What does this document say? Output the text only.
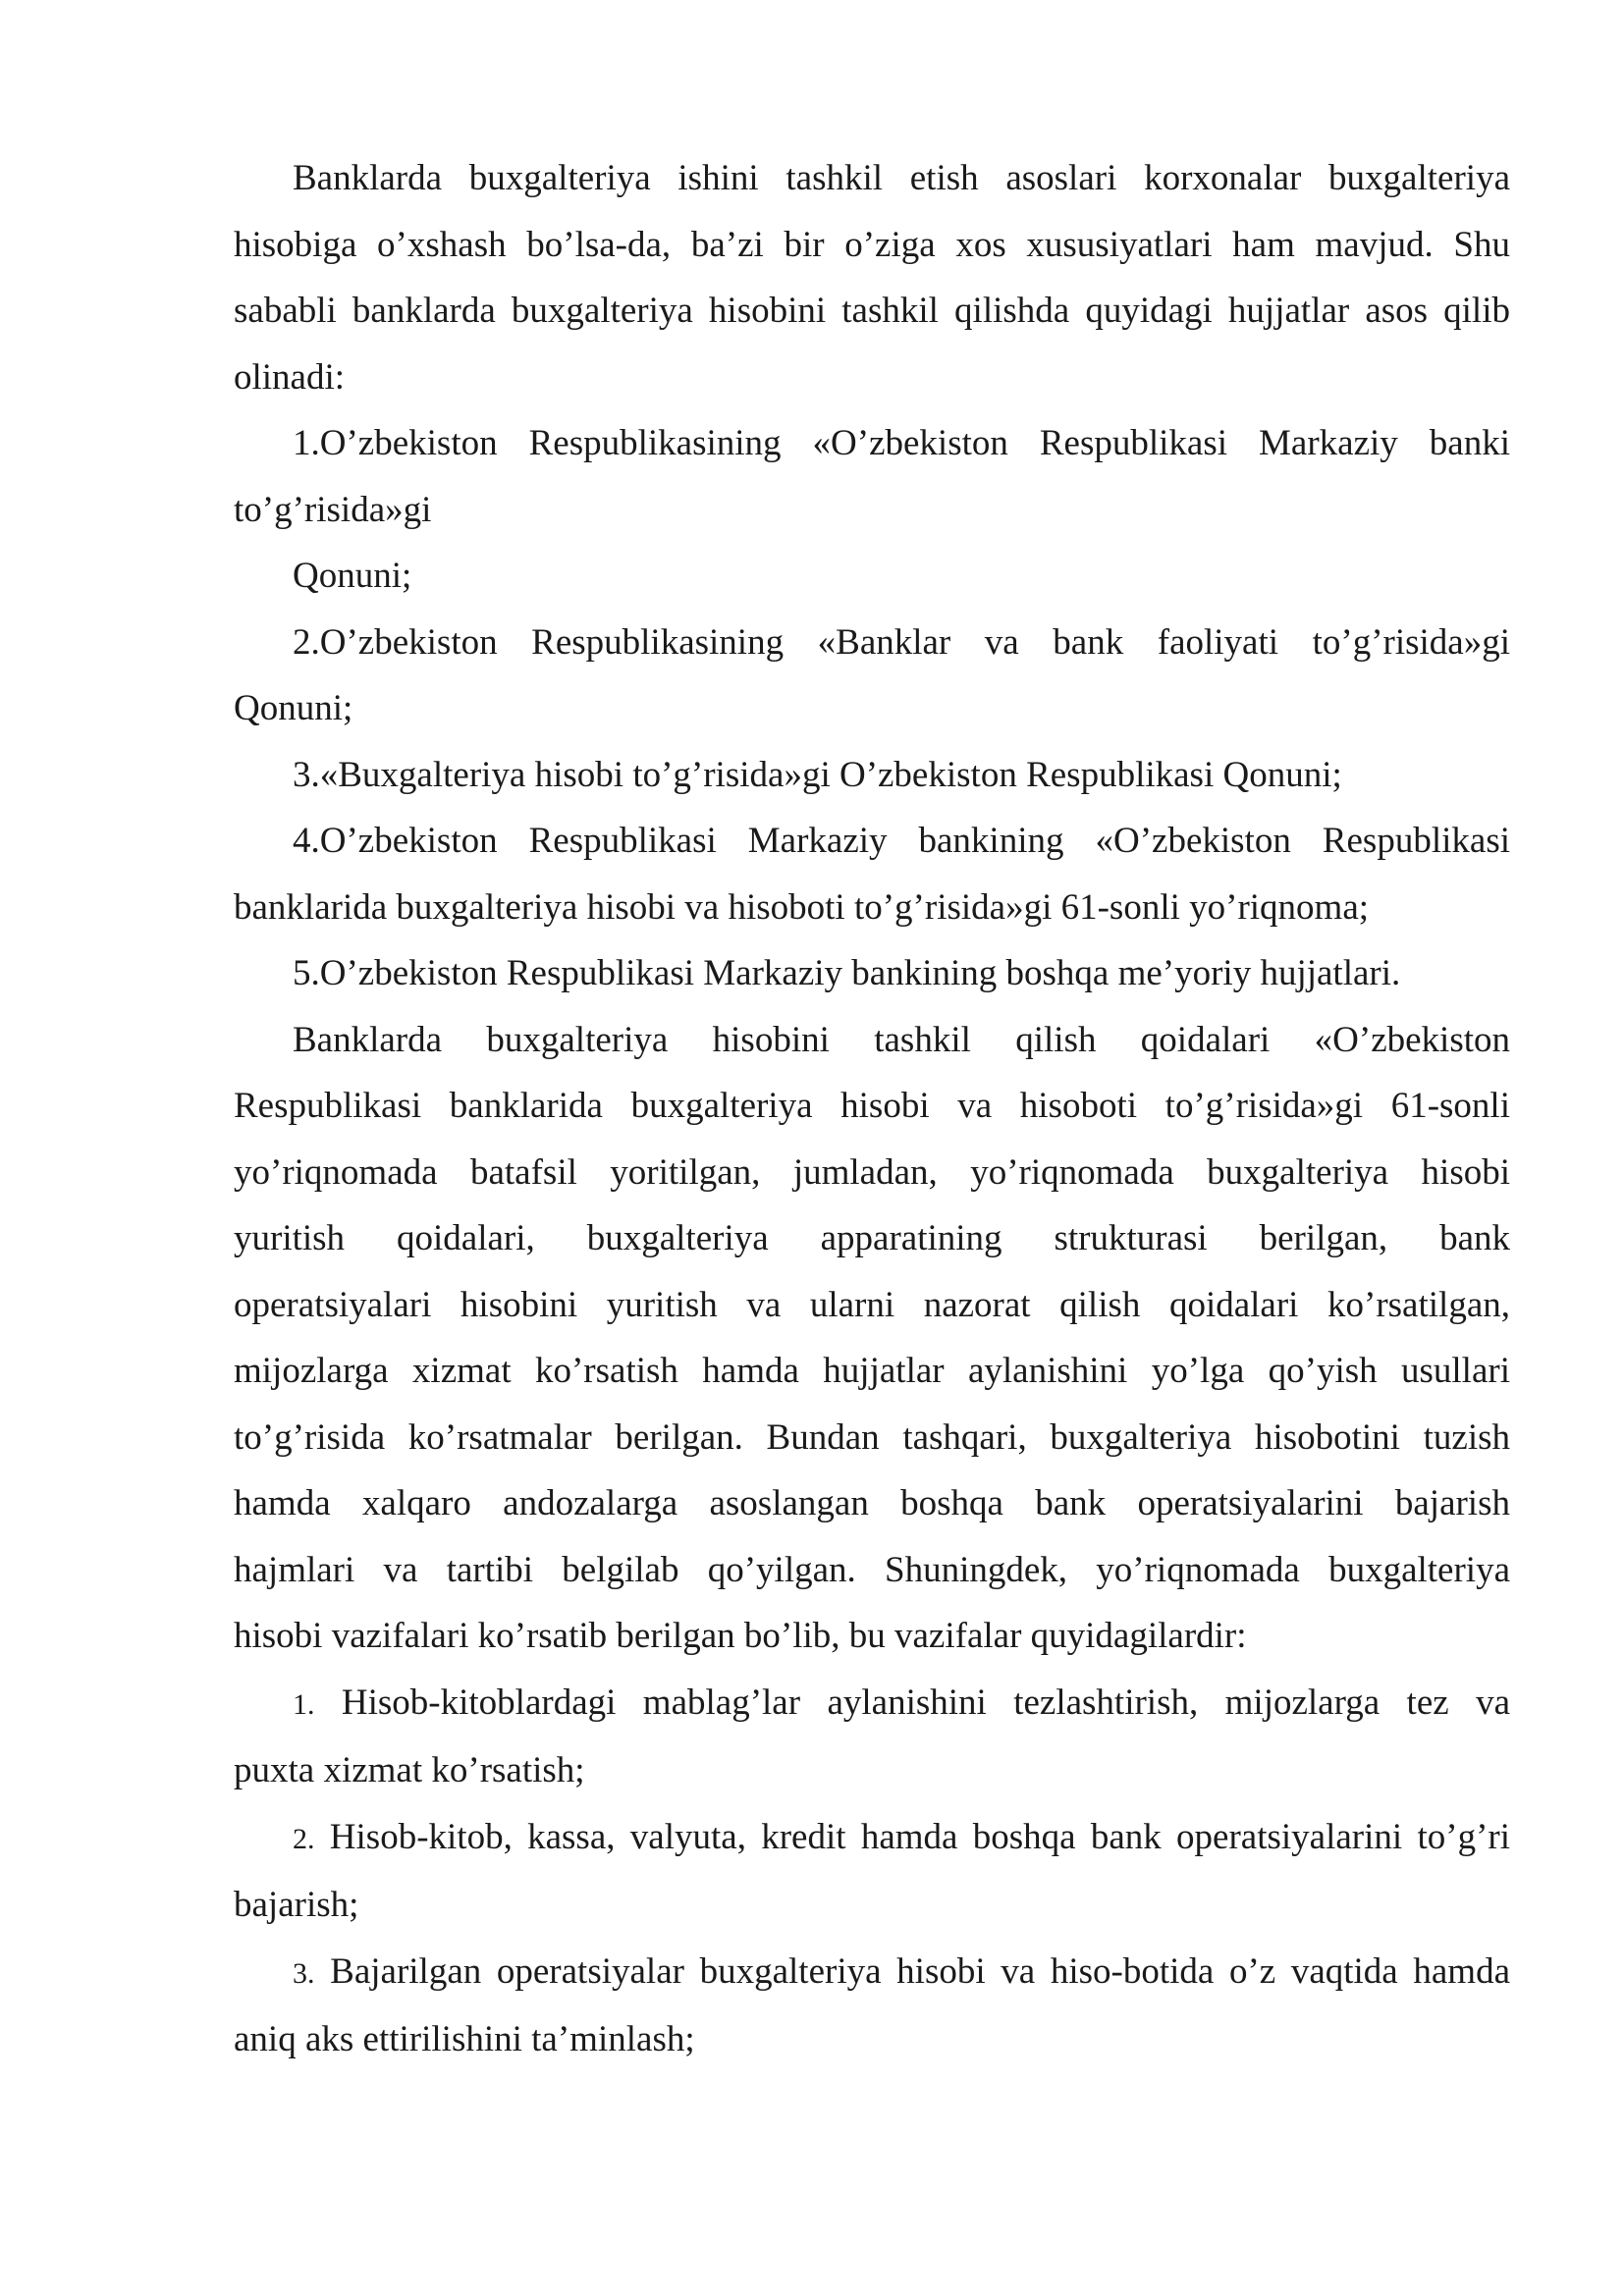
Banklarda buxgalteriya ishini tashkil etish asoslari korxonalar buxgalteriya
hisobiga o’xshash bo’lsa-da, ba’zi bir o’ziga xos xususiyatlari ham mavjud. Shu
sababli banklarda buxgalteriya hisobini tashkil qilishda quyidagi hujjatlar asos qilib
olinadi:
1.O’zbekiston Respublikasining «O’zbekiston Respublikasi Markaziy banki
to’g’risida»gi
Qonuni;
2.O’zbekiston Respublikasining «Banklar va bank faoliyati to’g’risida»gi
Qonuni;
3.«Buxgalteriya hisobi to’g’risida»gi O’zbekiston Respublikasi Qonuni;
4.O’zbekiston Respublikasi Markaziy bankining «O’zbekiston Respublikasi
banklarida buxgalteriya hisobi va hisoboti to’g’risida»gi 61-sonli yo’riqnoma;
5.O’zbekiston Respublikasi Markaziy bankining boshqa me’yoriy hujjatlari.
Banklarda buxgalteriya hisobini tashkil qilish qoidalari «O’zbekiston
Respublikasi banklarida buxgalteriya hisobi va hisoboti to’g’risida»gi 61-sonli
yo’riqnomada batafsil yoritilgan, jumladan, yo’riqnomada buxgalteriya hisobi
yuritish qoidalari, buxgalteriya apparatining strukturasi berilgan, bank
operatsiyalari hisobini yuritish va ularni nazorat qilish qoidalari ko’rsatilgan,
mijozlarga xizmat ko’rsatish hamda hujjatlar aylanishini yo’lga qo’yish usullari
to’g’risida ko’rsatmalar berilgan. Bundan tashqari, buxgalteriya hisobotini tuzish
hamda xalqaro andozalarga asoslangan boshqa bank operatsiyalarini bajarish
hajmlari va tartibi belgilab qo’yilgan. Shuningdek, yo’riqnomada buxgalteriya
hisobi vazifalari ko’rsatib berilgan bo’lib, bu vazifalar quyidagilardir:
1. Hisob-kitoblardagi mablag’lar aylanishini tezlashtirish, mijozlarga tez va
puxta xizmat ko’rsatish;
2. Hisob-kitob, kassa, valyuta, kredit hamda boshqa bank operatsiyalarini to’g’ri
bajarish;
3. Bajarilgan operatsiyalar buxgalteriya hisobi va hiso-botida o’z vaqtida hamda
aniq aks ettirilishini ta’minlash;
